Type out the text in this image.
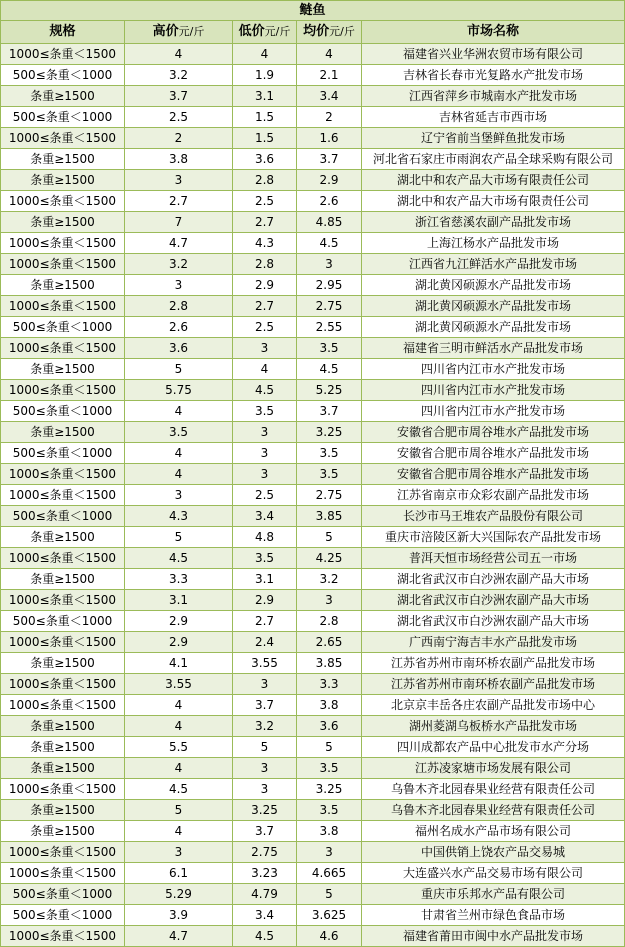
鲢鱼				
规格	高价元/斤	低价元/斤	均价元/斤	市场名称
1000≤条重＜1500	4	4	4	福建省兴业华洲农贸市场有限公司
500≤条重＜1000	3.2	1.9	2.1	吉林省长春市光复路水产批发市场
条重≥1500	3.7	3.1	3.4	江西省萍乡市城南水产批发市场
500≤条重＜1000	2.5	1.5	2	吉林省延吉市西市场
1000≤条重＜1500	2	1.5	1.6	辽宁省前当堡鲜鱼批发市场
条重≥1500	3.8	3.6	3.7	河北省石家庄市雨润农产品全球采购有限公司
条重≥1500	3	2.8	2.9	湖北中和农产品大市场有限责任公司
1000≤条重＜1500	2.7	2.5	2.6	湖北中和农产品大市场有限责任公司
条重≥1500	7	2.7	4.85	浙江省慈溪农副产品批发市场
1000≤条重＜1500	4.7	4.3	4.5	上海江杨水产品批发市场
1000≤条重＜1500	3.2	2.8	3	江西省九江鲜活水产品批发市场
条重≥1500	3	2.9	2.95	湖北黄冈硕源水产品批发市场
1000≤条重＜1500	2.8	2.7	2.75	湖北黄冈硕源水产品批发市场
500≤条重＜1000	2.6	2.5	2.55	湖北黄冈硕源水产品批发市场
1000≤条重＜1500	3.6	3	3.5	福建省三明市鲜活水产品批发市场
条重≥1500	5	4	4.5	四川省内江市水产批发市场
1000≤条重＜1500	5.75	4.5	5.25	四川省内江市水产批发市场
500≤条重＜1000	4	3.5	3.7	四川省内江市水产批发市场
条重≥1500	3.5	3	3.25	安徽省合肥市周谷堆水产品批发市场
500≤条重＜1000	4	3	3.5	安徽省合肥市周谷堆水产品批发市场
1000≤条重＜1500	4	3	3.5	安徽省合肥市周谷堆水产品批发市场
1000≤条重＜1500	3	2.5	2.75	江苏省南京市众彩农副产品批发市场
500≤条重＜1000	4.3	3.4	3.85	长沙市马王堆农产品股份有限公司
条重≥1500	5	4.8	5	重庆市涪陵区新大兴国际农产品批发市场
1000≤条重＜1500	4.5	3.5	4.25	普洱天恒市场经营公司五一市场
条重≥1500	3.3	3.1	3.2	湖北省武汉市白沙洲农副产品大市场
1000≤条重＜1500	3.1	2.9	3	湖北省武汉市白沙洲农副产品大市场
500≤条重＜1000	2.9	2.7	2.8	湖北省武汉市白沙洲农副产品大市场
1000≤条重＜1500	2.9	2.4	2.65	广西南宁海吉丰水产品批发市场
条重≥1500	4.1	3.55	3.85	江苏省苏州市南环桥农副产品批发市场
1000≤条重＜1500	3.55	3	3.3	江苏省苏州市南环桥农副产品批发市场
1000≤条重＜1500	4	3.7	3.8	北京京丰岳各庄农副产品批发市场中心
条重≥1500	4	3.2	3.6	湖州菱湖乌板桥水产品批发市场
条重≥1500	5.5	5	5	四川成都农产品中心批发市水产分场
条重≥1500	4	3	3.5	江苏凌家塘市场发展有限公司
1000≤条重＜1500	4.5	3	3.25	乌鲁木齐北园春果业经营有限责任公司
条重≥1500	5	3.25	3.5	乌鲁木齐北园春果业经营有限责任公司
条重≥1500	4	3.7	3.8	福州名成水产品市场有限公司
1000≤条重＜1500	3	2.75	3	中国供销上饶农产品交易城
1000≤条重＜1500	6.1	3.23	4.665	大连盛兴水产品交易市场有限公司
500≤条重＜1000	5.29	4.79	5	重庆市乐邦水产品有限公司
500≤条重＜1000	3.9	3.4	3.625	甘肃省兰州市绿色食品市场
1000≤条重＜1500	4.7	4.5	4.6	福建省莆田市闽中水产品批发市场
